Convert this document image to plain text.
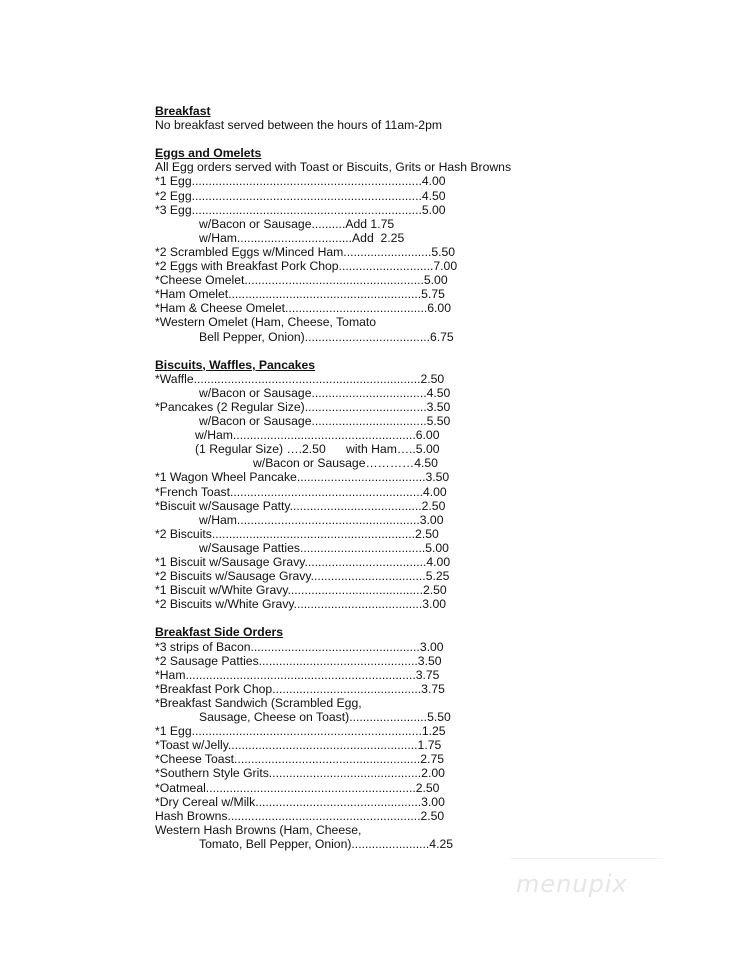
Breakfast
No breakfast served between the hours of 11am-2pm
Eggs and Omelets
All Egg orders served with Toast or Biscuits, Grits or Hash Browns
*1 Egg....................................................................4.00
*2 Egg....................................................................4.50
*3 Egg....................................................................5.00
w/Bacon or Sausage..........Add 1.75
w/Ham..................................Add  2.25
*2 Scrambled Eggs w/Minced Ham..........................5.50
*2 Eggs with Breakfast Pork Chop............................7.00
*Cheese Omelet.....................................................5.00
*Ham Omelet.........................................................5.75
*Ham & Cheese Omelet..........................................6.00
*Western Omelet (Ham, Cheese, Tomato
Bell Pepper, Onion).....................................6.75
Biscuits, Waffles, Pancakes
*Waffle...................................................................2.50
w/Bacon or Sausage..................................4.50
*Pancakes (2 Regular Size)....................................3.50
w/Bacon or Sausage..................................5.50
w/Ham......................................................6.00
(1 Regular Size) ….2.50      with Ham…..5.00
w/Bacon or Sausage…………4.50
*1 Wagon Wheel Pancake......................................3.50
*French Toast.........................................................4.00
*Biscuit w/Sausage Patty.......................................2.50
w/Ham......................................................3.00
*2 Biscuits............................................................2.50
w/Sausage Patties.....................................5.00
*1 Biscuit w/Sausage Gravy....................................4.00
*2 Biscuits w/Sausage Gravy..................................5.25
*1 Biscuit w/White Gravy........................................2.50
*2 Biscuits w/White Gravy......................................3.00
Breakfast Side Orders
*3 strips of Bacon..................................................3.00
*2 Sausage Patties...............................................3.50
*Ham....................................................................3.75
*Breakfast Pork Chop............................................3.75
*Breakfast Sandwich (Scrambled Egg,
Sausage, Cheese on Toast).......................5.50
*1 Egg....................................................................1.25
*Toast w/Jelly........................................................1.75
*Cheese Toast.......................................................2.75
*Southern Style Grits.............................................2.00
*Oatmeal..............................................................2.50
*Dry Cereal w/Milk.................................................3.00
Hash Browns.........................................................2.50
Western Hash Browns (Ham, Cheese,
Tomato, Bell Pepper, Onion).......................4.25
menupix
